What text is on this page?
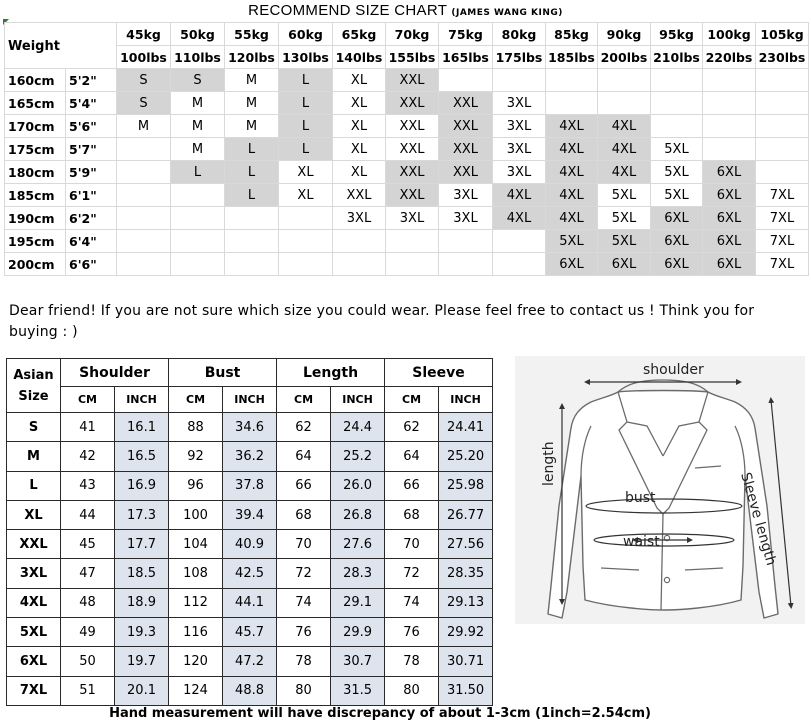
RECOMMEND SIZE CHART (JAMES WANG KING)
Weight		45kg	50kg	55kg	60kg	65kg	70kg	75kg	80kg	85kg	90kg	95kg	100kg	105kg
		100lbs	110lbs	120lbs	130lbs	140lbs	155lbs	165lbs	175lbs	185lbs	200lbs	210lbs	220lbs	230lbs
160cm	5'2"	S	S	M	L	XL	XXL							
165cm	5'4"	S	M	M	L	XL	XXL	XXL	3XL					
170cm	5'6"	M	M	M	L	XL	XXL	XXL	3XL	4XL	4XL			
175cm	5'7"		M	L	L	XL	XXL	XXL	3XL	4XL	4XL	5XL		
180cm	5'9"		L	L	XL	XL	XXL	XXL	3XL	4XL	4XL	5XL	6XL	
185cm	6'1"			L	XL	XXL	XXL	3XL	4XL	4XL	5XL	5XL	6XL	7XL
190cm	6'2"					3XL	3XL	3XL	4XL	4XL	5XL	6XL	6XL	7XL
195cm	6'4"									5XL	5XL	6XL	6XL	7XL
200cm	6'6"									6XL	6XL	6XL	6XL	7XL
Dear friend! If you are not sure which size you could wear. Please feel free to contact us ! Think you for buying : )
Asian
Size	Shoulder		Bust		Length		Sleeve	
	CM	INCH	CM	INCH	CM	INCH	CM	INCH
S	41	16.1	88	34.6	62	24.4	62	24.41
M	42	16.5	92	36.2	64	25.2	64	25.20
L	43	16.9	96	37.8	66	26.0	66	25.98
XL	44	17.3	100	39.4	68	26.8	68	26.77
XXL	45	17.7	104	40.9	70	27.6	70	27.56
3XL	47	18.5	108	42.5	72	28.3	72	28.35
4XL	48	18.9	112	44.1	74	29.1	74	29.13
5XL	49	19.3	116	45.7	76	29.9	76	29.92
6XL	50	19.7	120	47.2	78	30.7	78	30.71
7XL	51	20.1	124	48.8	80	31.5	80	31.50
shoulder
length
bust
waist	Sleeve length
Hand measurement will have discrepancy of about 1-3cm (1inch=2.54cm)
